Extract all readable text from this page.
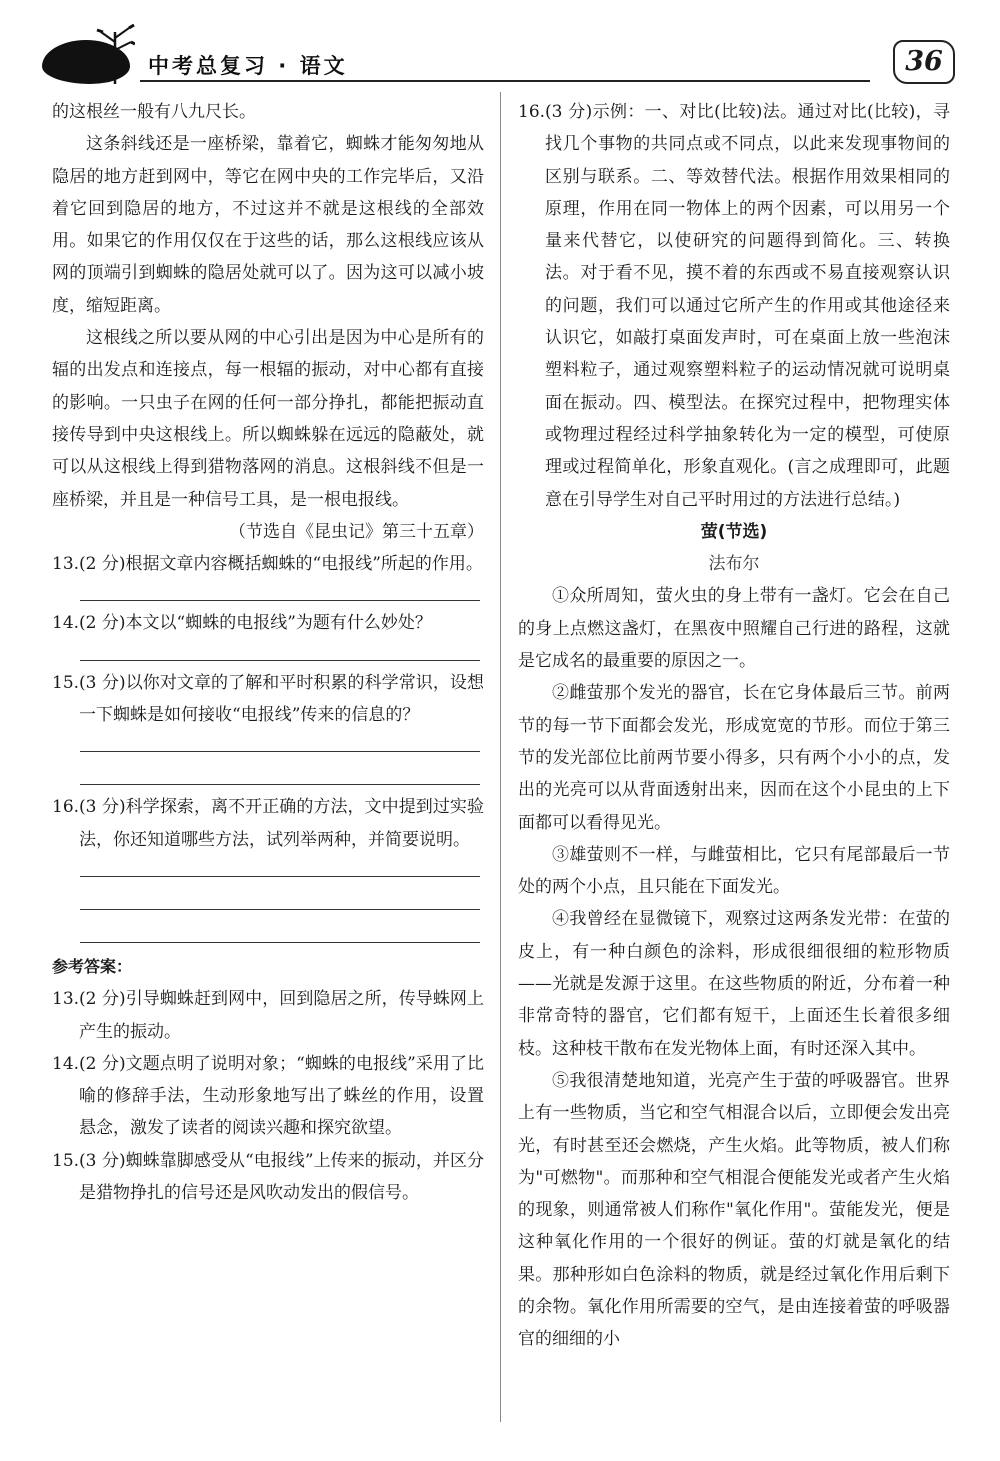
中考总复习 · 语文	36

的这根丝一般有八九尺长。

这条斜线还是一座桥梁，靠着它，蜘蛛才能匆匆地从隐居的地方赶到网中，等它在网中央的工作完毕后，又沿着它回到隐居的地方，不过这并不就是这根线的全部效用。如果它的作用仅仅在于这些的话，那么这根线应该从网的顶端引到蜘蛛的隐居处就可以了。因为这可以减小坡度，缩短距离。

这根线之所以要从网的中心引出是因为中心是所有的辐的出发点和连接点，每一根辐的振动，对中心都有直接的影响。一只虫子在网的任何一部分挣扎，都能把振动直接传导到中央这根线上。所以蜘蛛躲在远远的隐蔽处，就可以从这根线上得到猎物落网的消息。这根斜线不但是一座桥梁，并且是一种信号工具，是一根电报线。

（节选自《昆虫记》第三十五章）

13. (2 分)根据文章内容概括蜘蛛的“电报线”所起的作用。
14. (2 分)本文以“蜘蛛的电报线”为题有什么妙处？
15. (3 分)以你对文章的了解和平时积累的科学常识，设想一下蜘蛛是如何接收“电报线”传来的信息的？
16. (3 分)科学探索，离不开正确的方法，文中提到过实验法，你还知道哪些方法，试列举两种，并简要说明。

参考答案：

13. (2 分)引导蜘蛛赶到网中，回到隐居之所，传导蛛网上产生的振动。
14. (2 分)文题点明了说明对象；“蜘蛛的电报线”采用了比喻的修辞手法，生动形象地写出了蛛丝的作用，设置悬念，激发了读者的阅读兴趣和探究欲望。
15. (3 分)蜘蛛靠脚感受从“电报线”上传来的振动，并区分是猎物挣扎的信号还是风吹动发出的假信号。
16. (3 分)示例：一、对比(比较)法。通过对比(比较)，寻找几个事物的共同点或不同点，以此来发现事物间的区别与联系。二、等效替代法。根据作用效果相同的原理，作用在同一物体上的两个因素，可以用另一个量来代替它，以使研究的问题得到简化。三、转换法。对于看不见，摸不着的东西或不易直接观察认识的问题，我们可以通过它所产生的作用或其他途径来认识它，如敲打桌面发声时，可在桌面上放一些泡沫塑料粒子，通过观察塑料粒子的运动情况就可说明桌面在振动。四、模型法。在探究过程中，把物理实体或物理过程经过科学抽象转化为一定的模型，可使原理或过程简单化，形象直观化。(言之成理即可，此题意在引导学生对自己平时用过的方法进行总结。)

萤(节选)

法布尔

①众所周知，萤火虫的身上带有一盏灯。它会在自己的身上点燃这盏灯，在黑夜中照耀自己行进的路程，这就是它成名的最重要的原因之一。

②雌萤那个发光的器官，长在它身体最后三节。前两节的每一节下面都会发光，形成宽宽的节形。而位于第三节的发光部位比前两节要小得多，只有两个小小的点，发出的光亮可以从背面透射出来，因而在这个小昆虫的上下面都可以看得见光。

③雄萤则不一样，与雌萤相比，它只有尾部最后一节处的两个小点，且只能在下面发光。

④我曾经在显微镜下，观察过这两条发光带：在萤的皮上，有一种白颜色的涂料，形成很细很细的粒形物质——光就是发源于这里。在这些物质的附近，分布着一种非常奇特的器官，它们都有短干，上面还生长着很多细枝。这种枝干散布在发光物体上面，有时还深入其中。

⑤我很清楚地知道，光亮产生于萤的呼吸器官。世界上有一些物质，当它和空气相混合以后，立即便会发出亮光，有时甚至还会燃烧，产生火焰。此等物质，被人们称为"可燃物"。而那种和空气相混合便能发光或者产生火焰的现象，则通常被人们称作"氧化作用"。萤能发光，便是这种氧化作用的一个很好的例证。萤的灯就是氧化的结果。那种形如白色涂料的物质，就是经过氧化作用后剩下的余物。氧化作用所需要的空气，是由连接着萤的呼吸器官的细细的小
